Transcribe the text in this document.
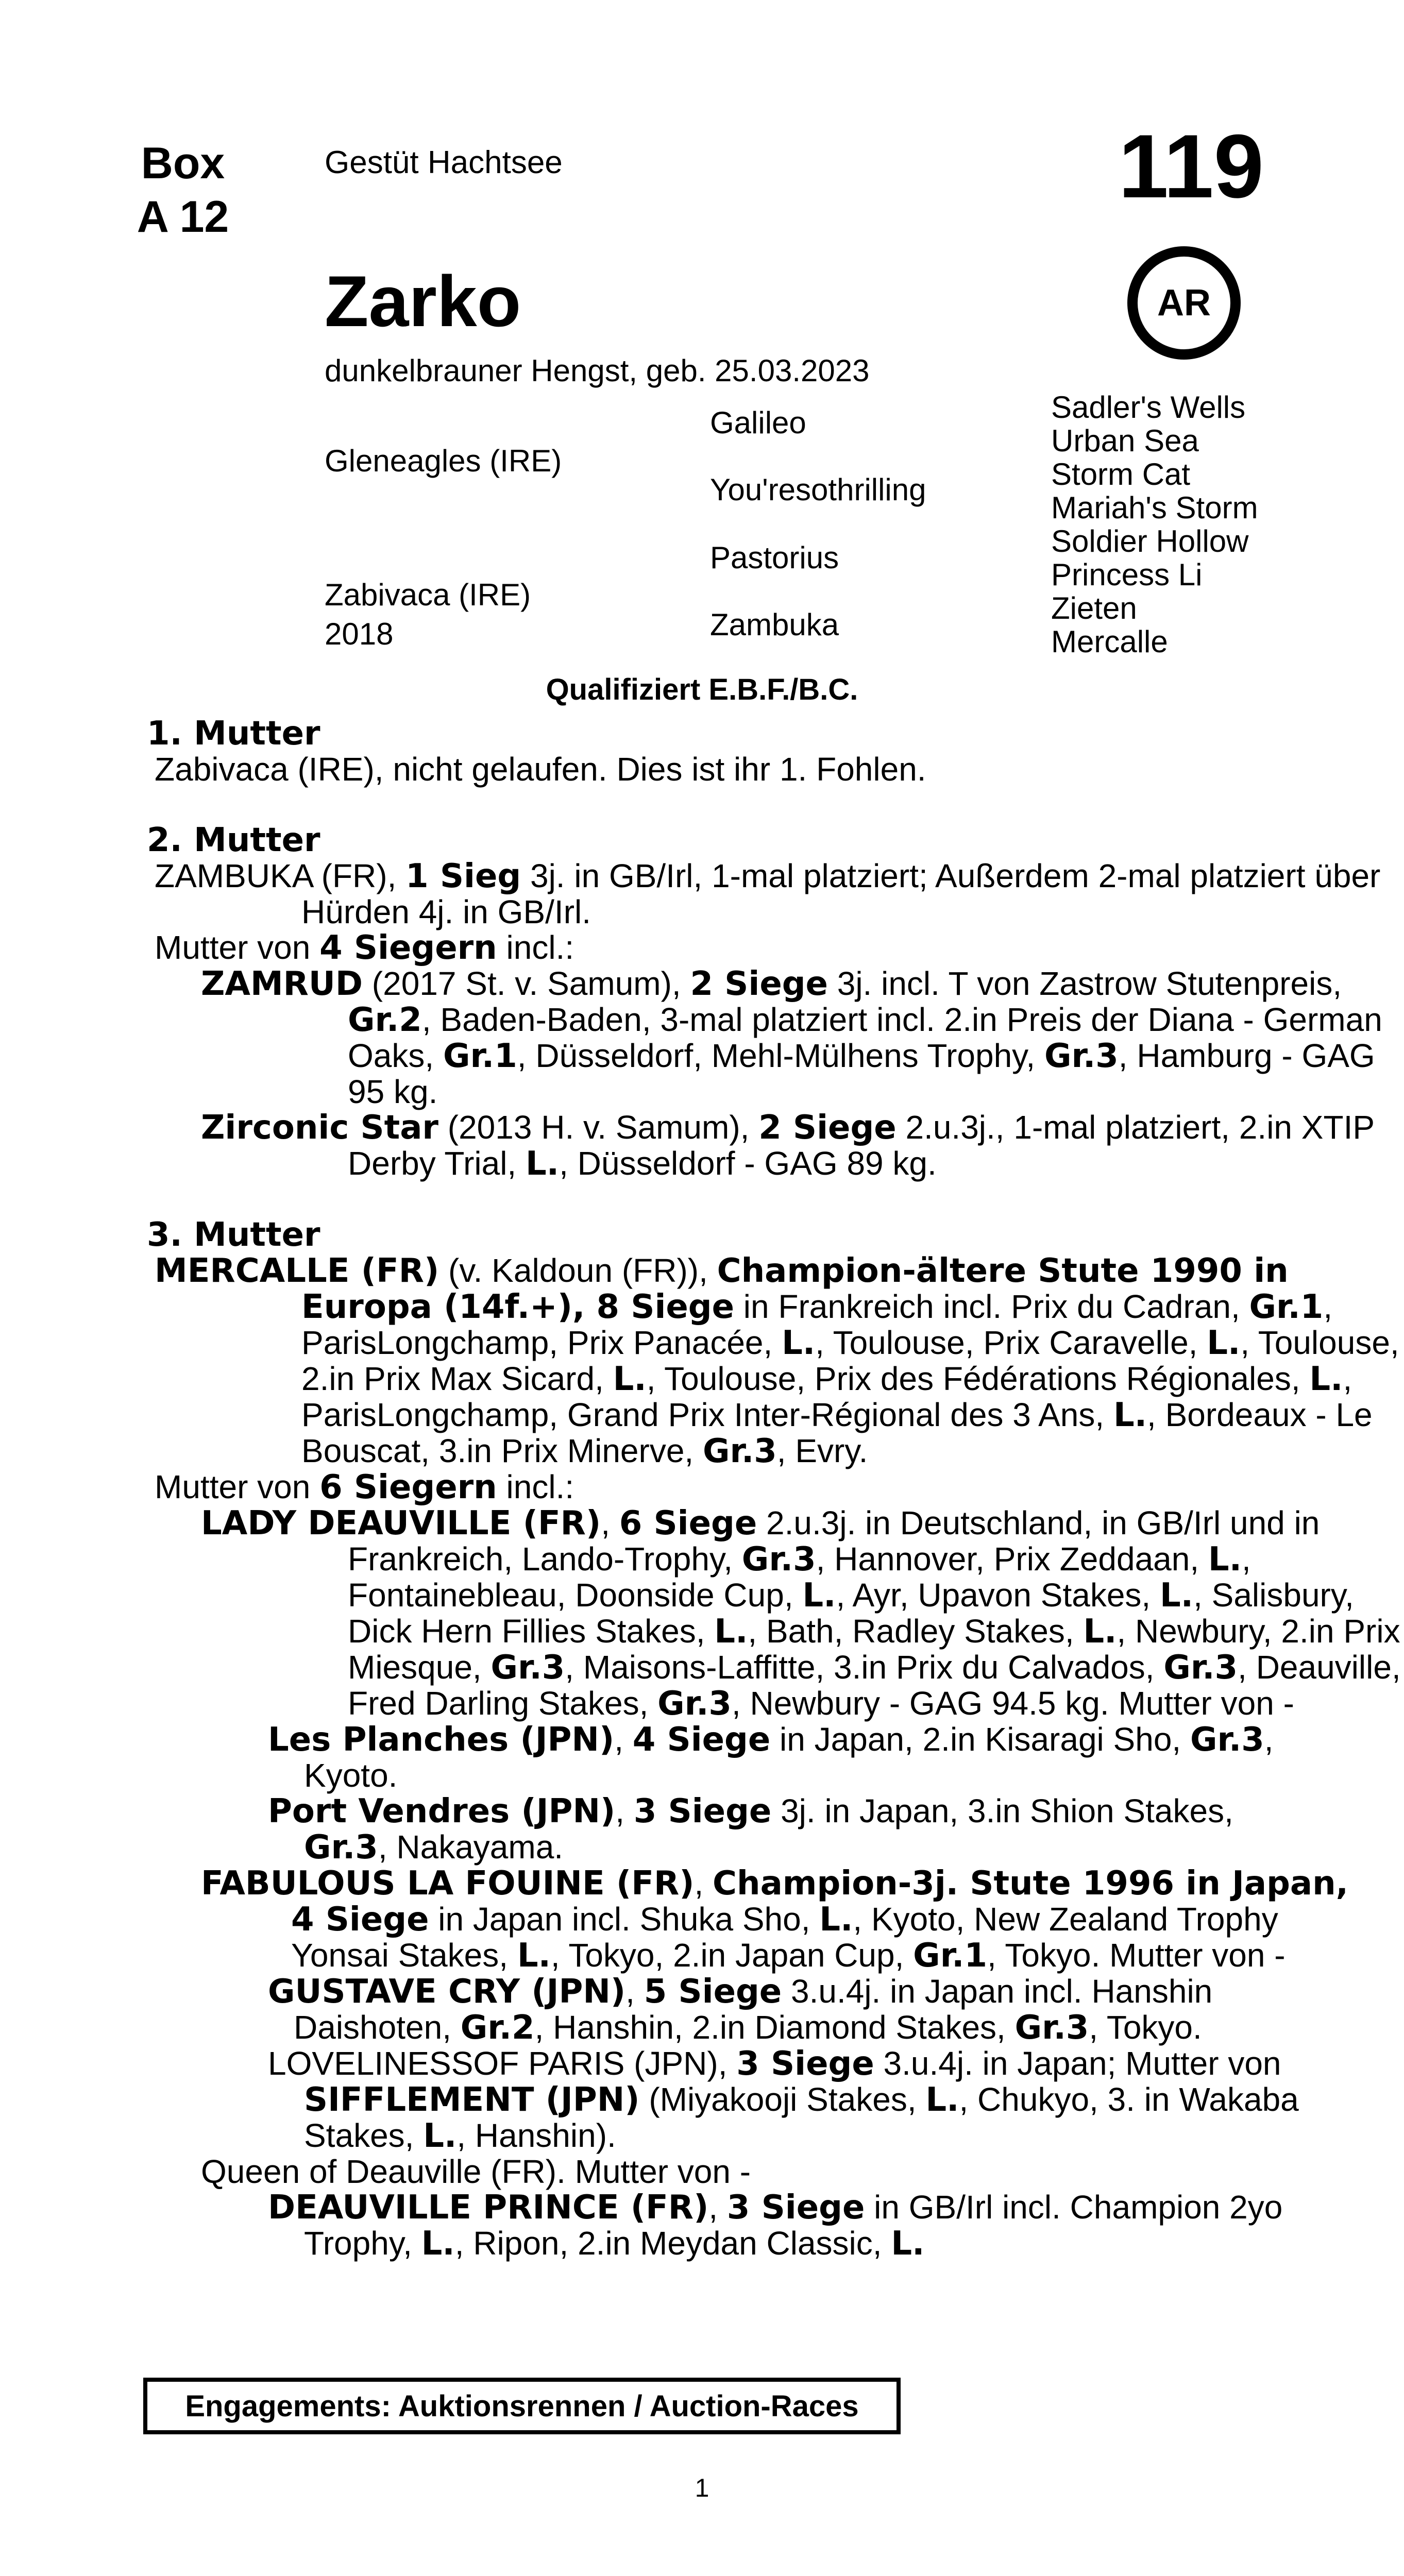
Box
A 12
Gestüt Hachtsee	119
AR
Zarko
dunkelbrauner Hengst, geb. 25.03.2023
Gleneagles (IRE)
Zabivaca (IRE)
2018
Galileo
You'resothrilling
Pastorius
Zambuka
Sadler's Wells
Urban Sea
Storm Cat
Mariah's Storm
Soldier Hollow
Princess Li
Zieten
Mercalle
Qualifiziert E.B.F./B.C.

1. Mutter

Zabivaca (IRE), nicht gelaufen. Dies ist ihr 1. Fohlen.

2. Mutter

ZAMBUKA (FR), 1 Sieg 3j. in GB/Irl, 1-mal platziert; Außerdem 2-mal platziert über Hürden 4j. in GB/Irl.

Mutter von 4 Siegern incl.:

ZAMRUD (2017 St. v. Samum), 2 Siege 3j. incl. T von Zastrow Stutenpreis, Gr.2, Baden-Baden, 3-mal platziert incl. 2.in Preis der Diana - German Oaks, Gr.1, Düsseldorf, Mehl-Mülhens Trophy, Gr.3, Hamburg - GAG 95 kg.

Zirconic Star (2013 H. v. Samum), 2 Siege 2.u.3j., 1-mal platziert, 2.in XTIP Derby Trial, L., Düsseldorf - GAG 89 kg.

3. Mutter

MERCALLE (FR) (v. Kaldoun (FR)), Champion-ältere Stute 1990 in Europa (14f.+), 8 Siege in Frankreich incl. Prix du Cadran, Gr.1, ParisLongchamp, Prix Panacée, L., Toulouse, Prix Caravelle, L., Toulouse, 2.in Prix Max Sicard, L., Toulouse, Prix des Fédérations Régionales, L., ParisLongchamp, Grand Prix Inter-Régional des 3 Ans, L., Bordeaux - Le Bouscat, 3.in Prix Minerve, Gr.3, Evry.

Mutter von 6 Siegern incl.:

LADY DEAUVILLE (FR), 6 Siege 2.u.3j. in Deutschland, in GB/Irl und in Frankreich, Lando-Trophy, Gr.3, Hannover, Prix Zeddaan, L., Fontainebleau, Doonside Cup, L., Ayr, Upavon Stakes, L., Salisbury, Dick Hern Fillies Stakes, L., Bath, Radley Stakes, L., Newbury, 2.in Prix Miesque, Gr.3, Maisons-Laffitte, 3.in Prix du Calvados, Gr.3, Deauville, Fred Darling Stakes, Gr.3, Newbury - GAG 94.5 kg. Mutter von -

Les Planches (JPN), 4 Siege in Japan, 2.in Kisaragi Sho, Gr.3, Kyoto.

Port Vendres (JPN), 3 Siege 3j. in Japan, 3.in Shion Stakes, Gr.3, Nakayama.

FABULOUS LA FOUINE (FR), Champion-3j. Stute 1996 in Japan, 4 Siege in Japan incl. Shuka Sho, L., Kyoto, New Zealand Trophy Yonsai Stakes, L., Tokyo, 2.in Japan Cup, Gr.1, Tokyo. Mutter von -

GUSTAVE CRY (JPN), 5 Siege 3.u.4j. in Japan incl. Hanshin Daishoten, Gr.2, Hanshin, 2.in Diamond Stakes, Gr.3, Tokyo.

LOVELINESSOF PARIS (JPN), 3 Siege 3.u.4j. in Japan; Mutter von SIFFLEMENT (JPN) (Miyakooji Stakes, L., Chukyo, 3. in Wakaba Stakes, L., Hanshin).

Queen of Deauville (FR). Mutter von -

DEAUVILLE PRINCE (FR), 3 Siege in GB/Irl incl. Champion 2yo Trophy, L., Ripon, 2.in Meydan Classic, L.

Engagements: Auktionsrennen / Auction-Races
1
